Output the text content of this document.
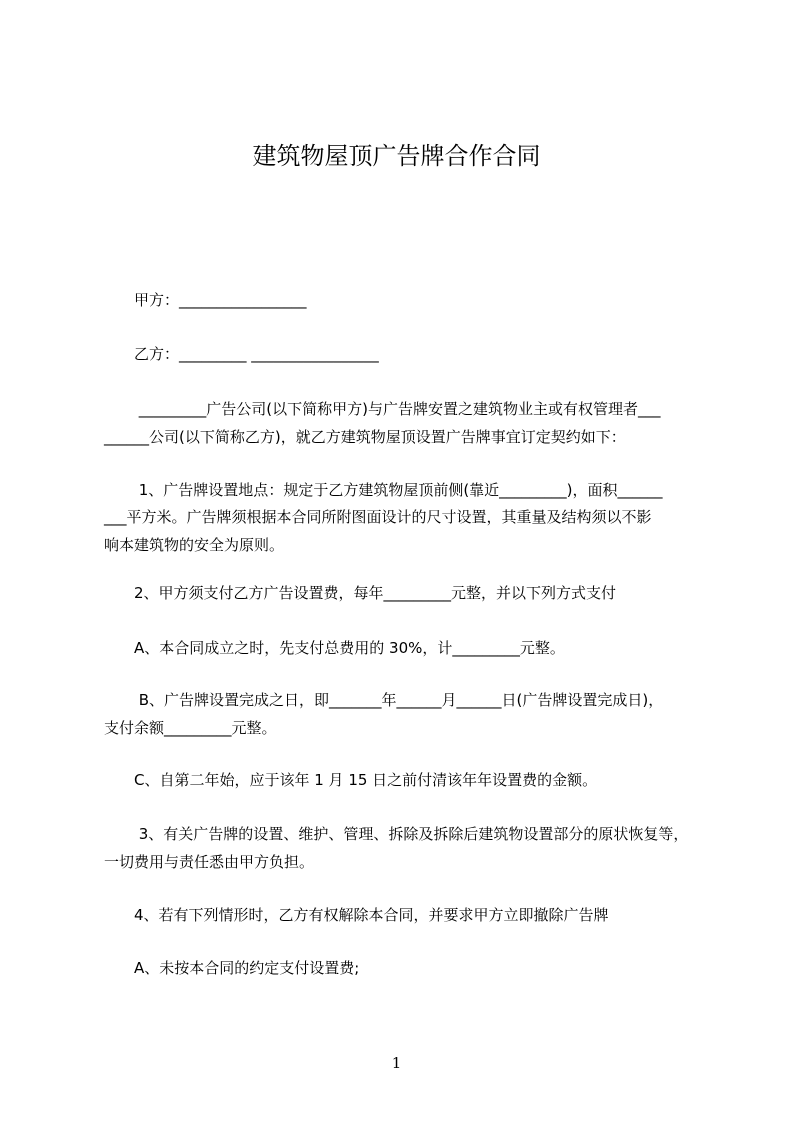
建筑物屋顶广告牌合作合同
　　甲方：_________________
　　乙方：_________ _________________
　　 _________广告公司(以下简称甲方)与广告牌安置之建筑物业主或有权管理者___
______公司(以下简称乙方)，就乙方建筑物屋顶设置广告牌事宜订定契约如下：
　　 1、广告牌设置地点：规定于乙方建筑物屋顶前侧(靠近_________)，面积______
___平方米。广告牌须根据本合同所附图面设计的尺寸设置，其重量及结构须以不影
响本建筑物的安全为原则。
　　2、甲方须支付乙方广告设置费，每年_________元整，并以下列方式支付
　　A、本合同成立之时，先支付总费用的 30%，计_________元整。
　　 B、广告牌设置完成之日，即_______年______月______日(广告牌设置完成日)，
支付余额_________元整。
　　C、自第二年始，应于该年 1 月 15 日之前付清该年年设置费的金额。
　　 3、有关广告牌的设置、维护、管理、拆除及拆除后建筑物设置部分的原状恢复等，
一切费用与责任悉由甲方负担。
　　4、若有下列情形时，乙方有权解除本合同，并要求甲方立即撤除广告牌
　　A、未按本合同的约定支付设置费;
1
